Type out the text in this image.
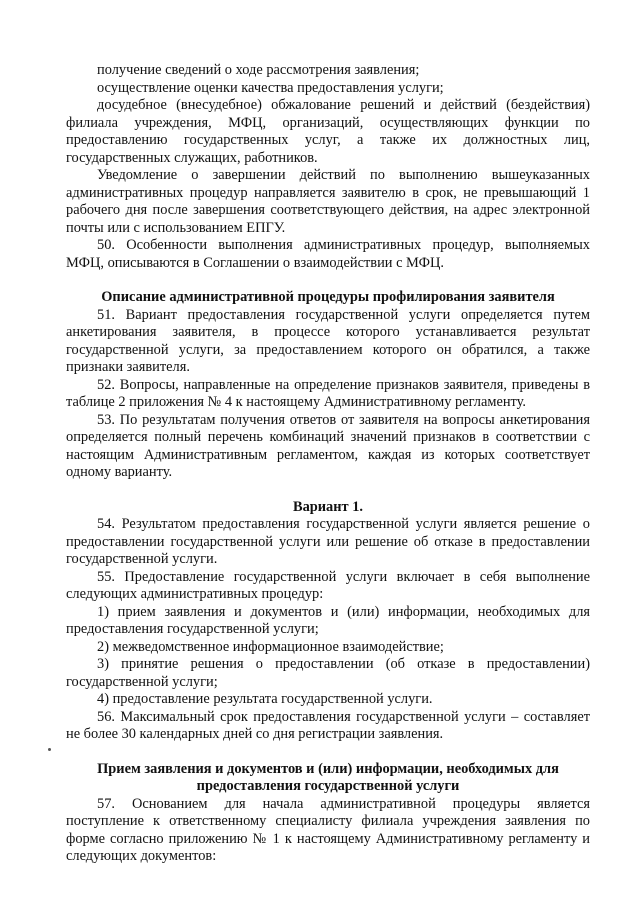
получение сведений о ходе рассмотрения заявления;

осуществление оценки качества предоставления услуги;

досудебное (внесудебное) обжалование решений и действий (бездействия) филиала учреждения, МФЦ, организаций, осуществляющих функции по предоставлению государственных услуг, а также их должностных лиц, государственных служащих, работников.

Уведомление о завершении действий по выполнению вышеуказанных административных процедур направляется заявителю в срок, не превышающий 1 рабочего дня после завершения соответствующего действия, на адрес электронной почты или с использованием ЕПГУ.

50. Особенности выполнения административных процедур, выполняемых МФЦ, описываются в Соглашении о взаимодействии с МФЦ.

Описание административной процедуры профилирования заявителя

51. Вариант предоставления государственной услуги определяется путем анкетирования заявителя, в процессе которого устанавливается результат государственной услуги, за предоставлением которого он обратился, а также признаки заявителя.

52. Вопросы, направленные на определение признаков заявителя, приведены в таблице 2 приложения № 4 к настоящему Административному регламенту.

53. По результатам получения ответов от заявителя на вопросы анкетирования определяется полный перечень комбинаций значений признаков в соответствии с настоящим Административным регламентом, каждая из которых соответствует одному варианту.

Вариант 1.

54. Результатом предоставления государственной услуги является решение о предоставлении государственной услуги или решение об отказе в предоставлении государственной услуги.

55. Предоставление государственной услуги включает в себя выполнение следующих административных процедур:

1) прием заявления и документов и (или) информации, необходимых для предоставления государственной услуги;

2) межведомственное информационное взаимодействие;

3) принятие решения о предоставлении (об отказе в предоставлении) государственной услуги;

4) предоставление результата государственной услуги.

56. Максимальный срок предоставления государственной услуги – составляет не более 30 календарных дней со дня регистрации заявления.

Прием заявления и документов и (или) информации, необходимых для предоставления государственной услуги

57. Основанием для начала административной процедуры является поступление к ответственному специалисту филиала учреждения заявления по форме согласно приложению № 1 к настоящему Административному регламенту и следующих документов:
